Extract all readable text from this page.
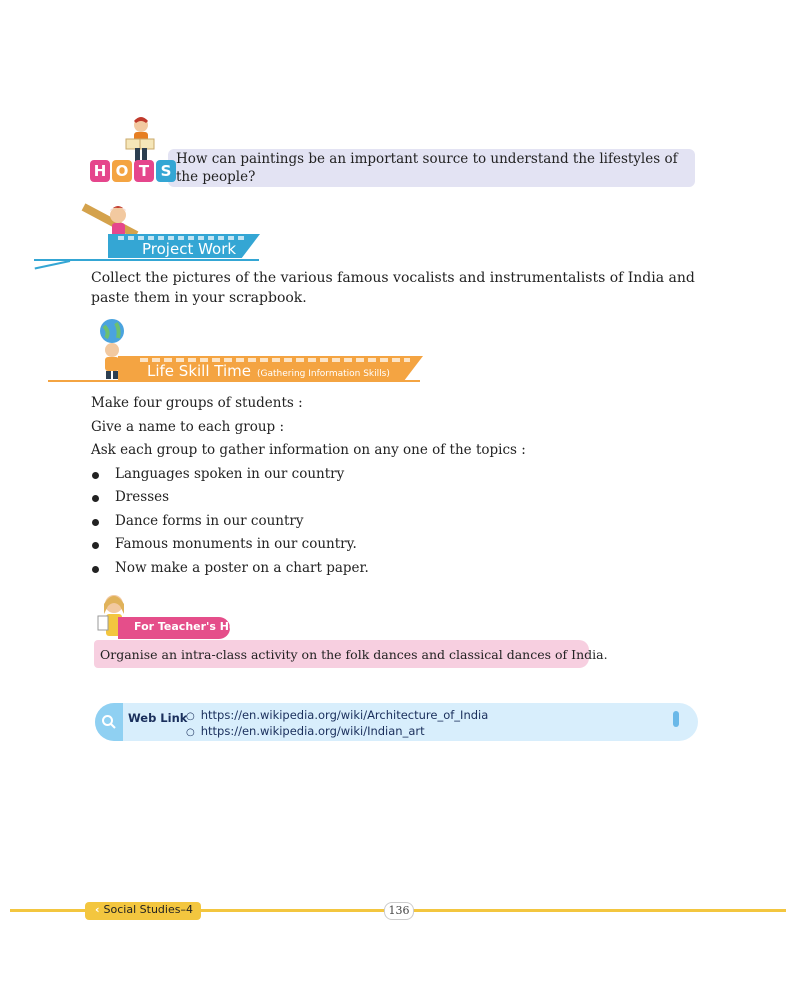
H O T S
How can paintings be an important source to understand the lifestyles of the people?
Project Work
Collect the pictures of the various famous vocalists and instrumentalists of India and paste them in your scrapbook.
Life Skill Time (Gathering Information Skills)
Make four groups of students :
Give a name to each group :
Ask each group to gather information on any one of the topics :
Languages spoken in our country
Dresses
Dance forms in our country
Famous monuments in our country.
Now make a poster on a chart paper.
For Teacher's Help
Organise an intra-class activity on the folk dances and classical dances of India.
Web Link
○	https://en.wikipedia.org/wiki/Architecture_of_India
○ https://en.wikipedia.org/wiki/Indian_art
‹ Social Studies–4	136
